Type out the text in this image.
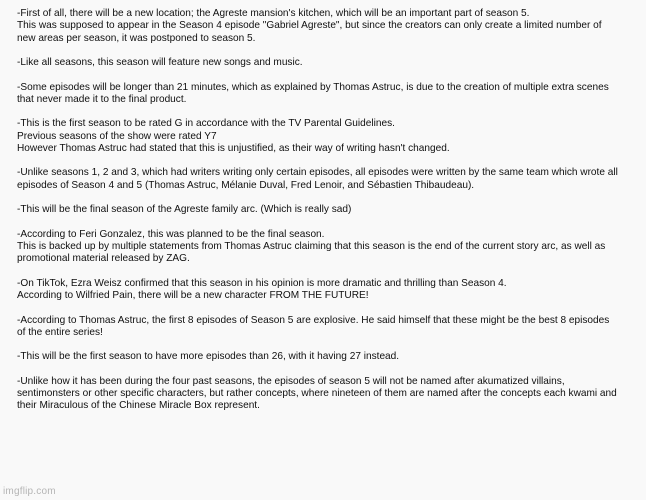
-First of all, there will be a new location; the Agreste mansion's kitchen, which will be an important part of season 5.
This was supposed to appear in the Season 4 episode "Gabriel Agreste", but since the creators can only create a limited number of
new areas per season, it was postponed to season 5.
-Like all seasons, this season will feature new songs and music.
-Some episodes will be longer than 21 minutes, which as explained by Thomas Astruc, is due to the creation of multiple extra scenes
that never made it to the final product.
-This is the first season to be rated G in accordance with the TV Parental Guidelines.
Previous seasons of the show were rated Y7
However Thomas Astruc had stated that this is unjustified, as their way of writing hasn't changed.
-Unlike seasons 1, 2 and 3, which had writers writing only certain episodes, all episodes were written by the same team which wrote all
episodes of Season 4 and 5 (Thomas Astruc, Mélanie Duval, Fred Lenoir, and Sébastien Thibaudeau).
-This will be the final season of the Agreste family arc. (Which is really sad)
-According to Feri Gonzalez, this was planned to be the final season.
This is backed up by multiple statements from Thomas Astruc claiming that this season is the end of the current story arc, as well as
promotional material released by ZAG.
-On TikTok, Ezra Weisz confirmed that this season in his opinion is more dramatic and thrilling than Season 4.
According to Wilfried Pain, there will be a new character FROM THE FUTURE!
-According to Thomas Astruc, the first 8 episodes of Season 5 are explosive. He said himself that these might be the best 8 episodes
of the entire series!
-This will be the first season to have more episodes than 26, with it having 27 instead.
-Unlike how it has been during the four past seasons, the episodes of season 5 will not be named after akumatized villains,
sentimonsters or other specific characters, but rather concepts, where nineteen of them are named after the concepts each kwami and
their Miraculous of the Chinese Miracle Box represent.
imgflip.com
